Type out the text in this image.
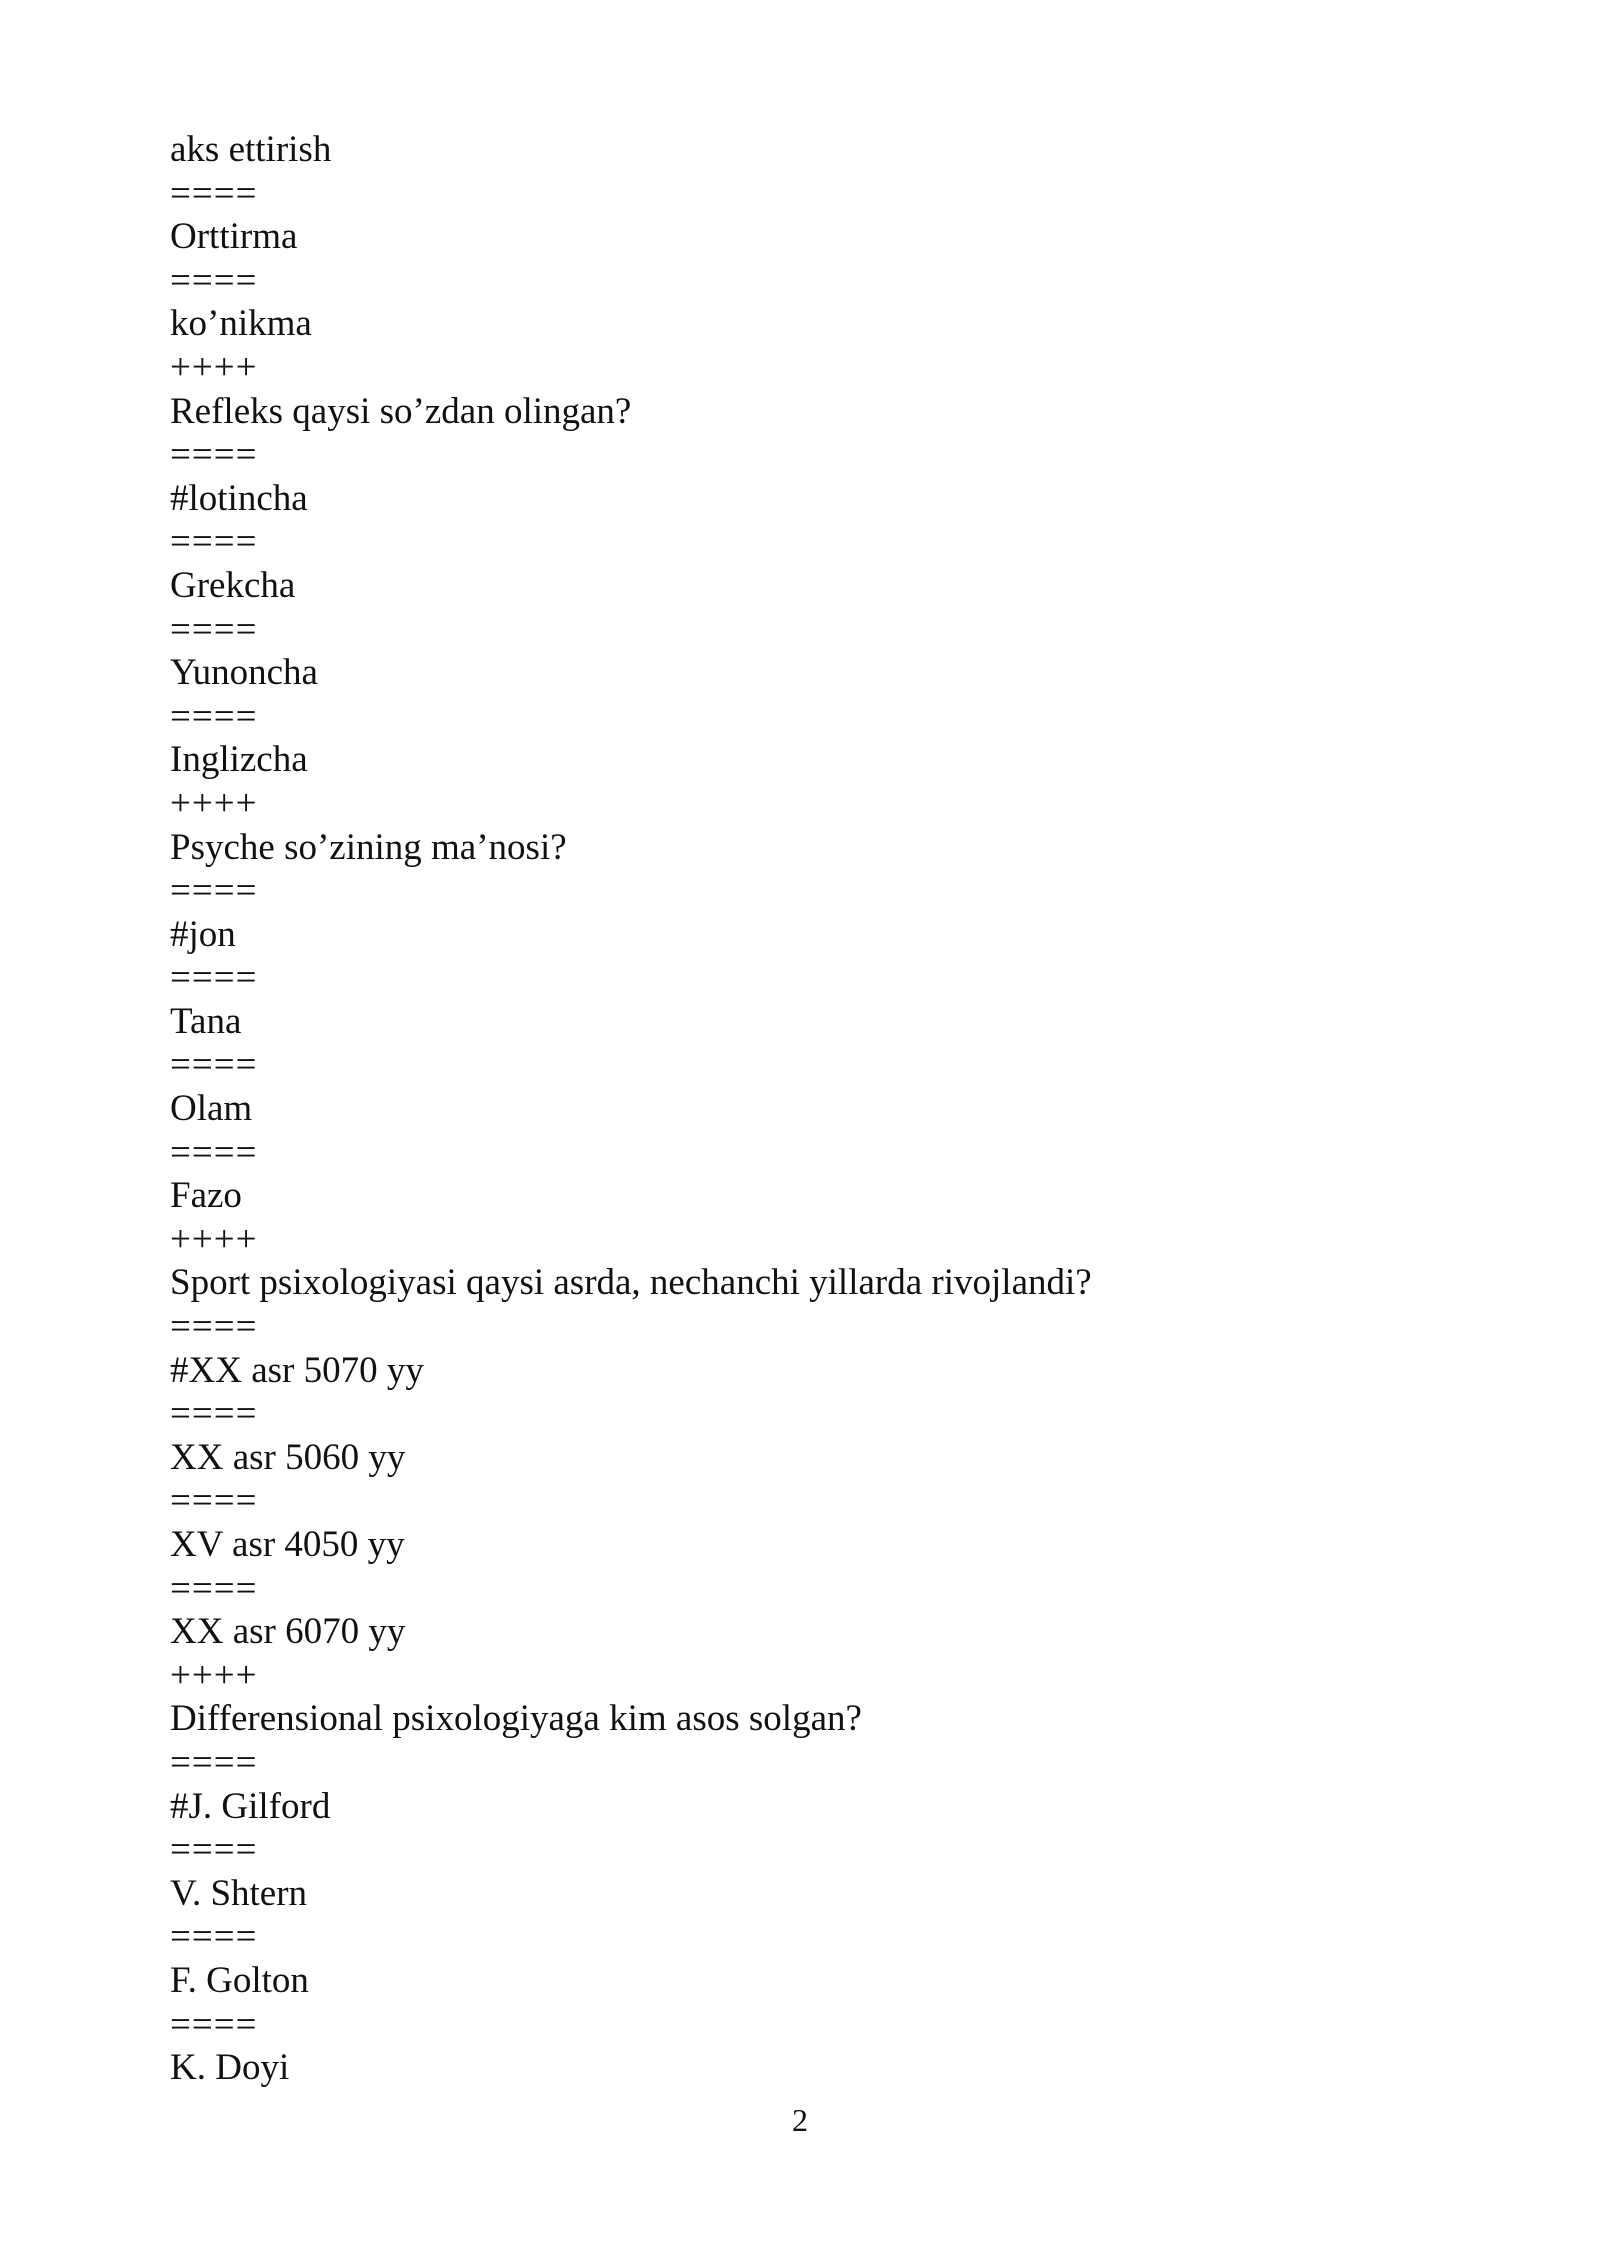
aks ettirish
====
Orttirma
====
ko’nikma
++++
Refleks qaysi so’zdan olingan?
====
#lotincha
====
Grekcha
====
Yunoncha
====
Inglizcha
++++
Psyche so’zining ma’nosi?
====
#jon
====
Tana
====
Olam
====
Fazo
++++
Sport psixologiyasi qaysi asrda, nechanchi yillarda rivojlandi?
====
#XX asr 5070 yy
====
XX asr 5060 yy
====
XV asr 4050 yy
====
XX asr 6070 yy
++++
Differensional psixologiyaga kim asos solgan?
====
#J. Gilford
====
V. Shtern
====
F. Golton
====
K. Doyi
2
